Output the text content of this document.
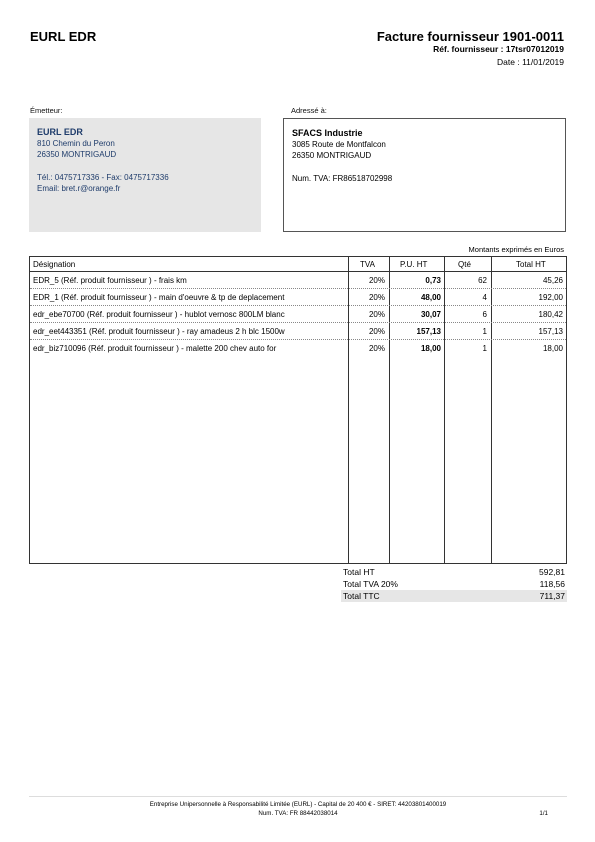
EURL EDR	Facture fournisseur 1901-0011
Réf. fournisseur : 17tsr07012019
Date : 11/01/2019
Émetteur:
EURL EDR
810 Chemin du Peron
26350 MONTRIGAUD
Tél.: 0475717336 - Fax: 0475717336
Email: bret.r@orange.fr
Adressé à:
SFACS Industrie
3085 Route de Montfalcon
26350 MONTRIGAUD
Num. TVA: FR86518702998
Montants exprimés en Euros
Désignation	TVA	P.U. HT	Qté	Total HT
EDR_5 (Réf. produit fournisseur ) - frais km	20%	0,73	62	45,26
EDR_1 (Réf. produit fournisseur ) - main d'oeuvre & tp de deplacement	20%	48,00	4	192,00
edr_ebe70700 (Réf. produit fournisseur ) - hublot vernosc 800LM blanc	20%	30,07	6	180,42
edr_eet443351 (Réf. produit fournisseur ) - ray amadeus 2 h blc 1500w	20%	157,13	1	157,13
edr_biz710096 (Réf. produit fournisseur ) - malette 200 chev auto for	20%	18,00	1	18,00
Total HT	592,81
Total TVA 20%	118,56
Total TTC	711,37
Entreprise Unipersonnelle à Responsabilité Limitée (EURL) - Capital de 20 400 € - SIRET: 44203801400019
Num. TVA: FR 88442038014	1/1
